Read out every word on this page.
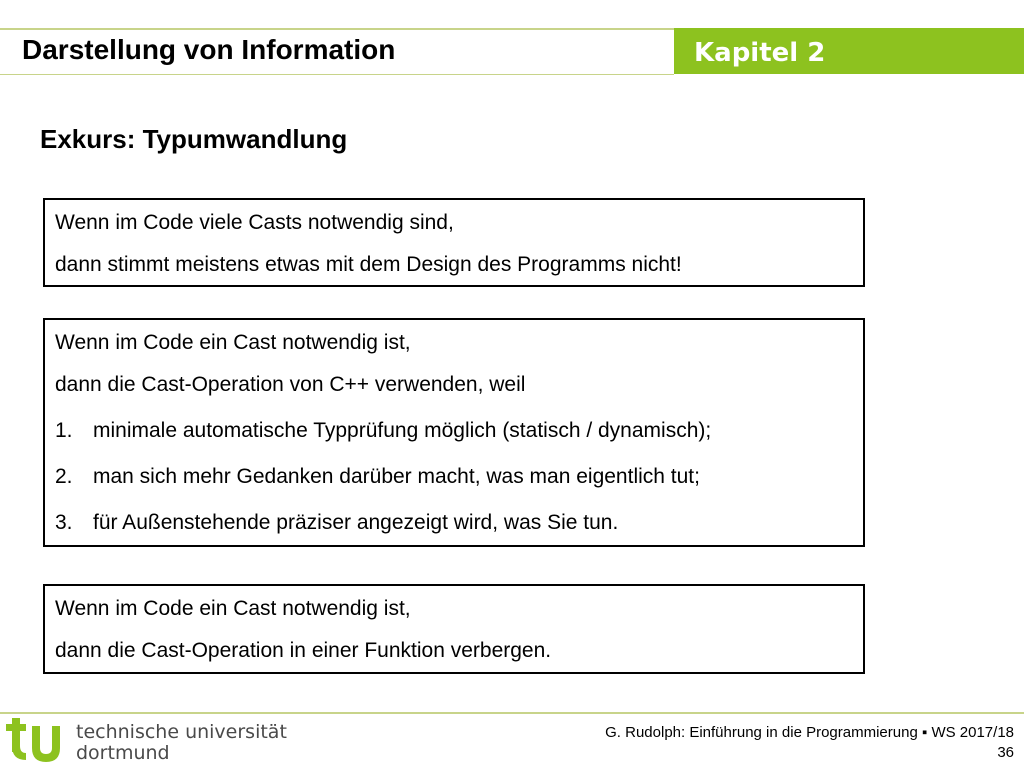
Darstellung von Information	Kapitel 2
Exkurs: Typumwandlung
Wenn im Code viele Casts notwendig sind,
dann stimmt meistens etwas mit dem Design des Programms nicht!
Wenn im Code ein Cast notwendig ist,
dann die Cast-Operation von C++ verwenden, weil
1. minimale automatische Typprüfung möglich (statisch / dynamisch);
2. man sich mehr Gedanken darüber macht, was man eigentlich tut;
3. für Außenstehende präziser angezeigt wird, was Sie tun.
Wenn im Code ein Cast notwendig ist,
dann die Cast-Operation in einer Funktion verbergen.
technische universität
dortmund
G. Rudolph: Einführung in die Programmierung ▪ WS 2017/18
36
